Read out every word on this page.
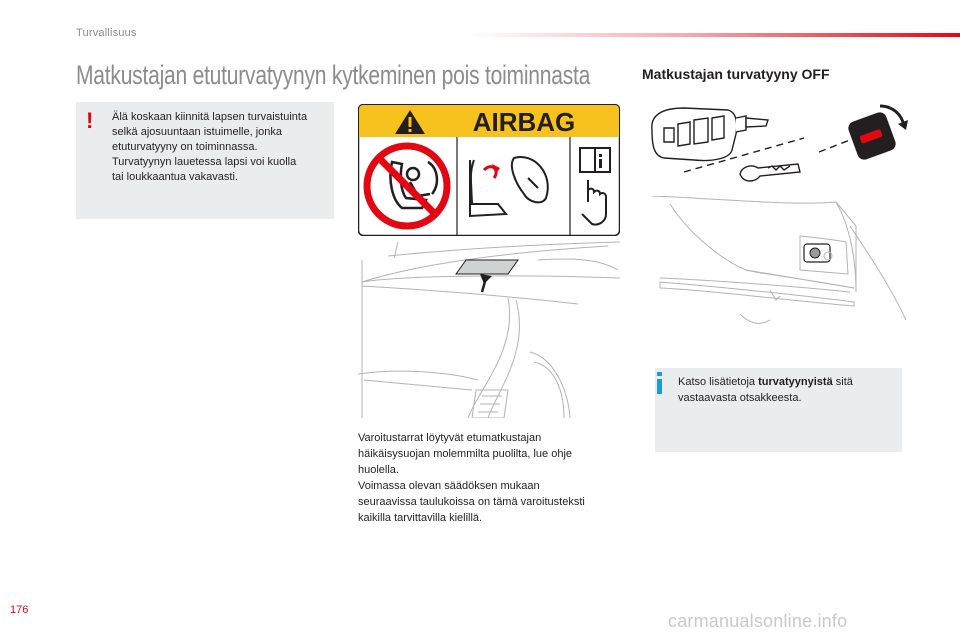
Turvallisuus
Matkustajan etuturvatyynyn kytkeminen pois toiminnasta
!	Älä koskaan kiinnitä lapsen turvaistuinta
selkä ajosuuntaan istuimelle, jonka
etuturvatyyny on toiminnassa.
Turvatyynyn lauetessa lapsi voi kuolla
tai loukkaantua vakavasti.
AIRBAG
Matkustajan turvatyyny OFF
Katso lisätietoja turvatyynyistä sitä
vastaavasta otsakkeesta.
Varoitustarrat löytyvät etumatkustajan
häikäisysuojan molemmilta puolilta, lue ohje
huolella.
Voimassa olevan säädöksen mukaan
seuraavissa taulukoissa on tämä varoitusteksti
kaikilla tarvittavilla kielillä.
176
carmanualsonline.info
